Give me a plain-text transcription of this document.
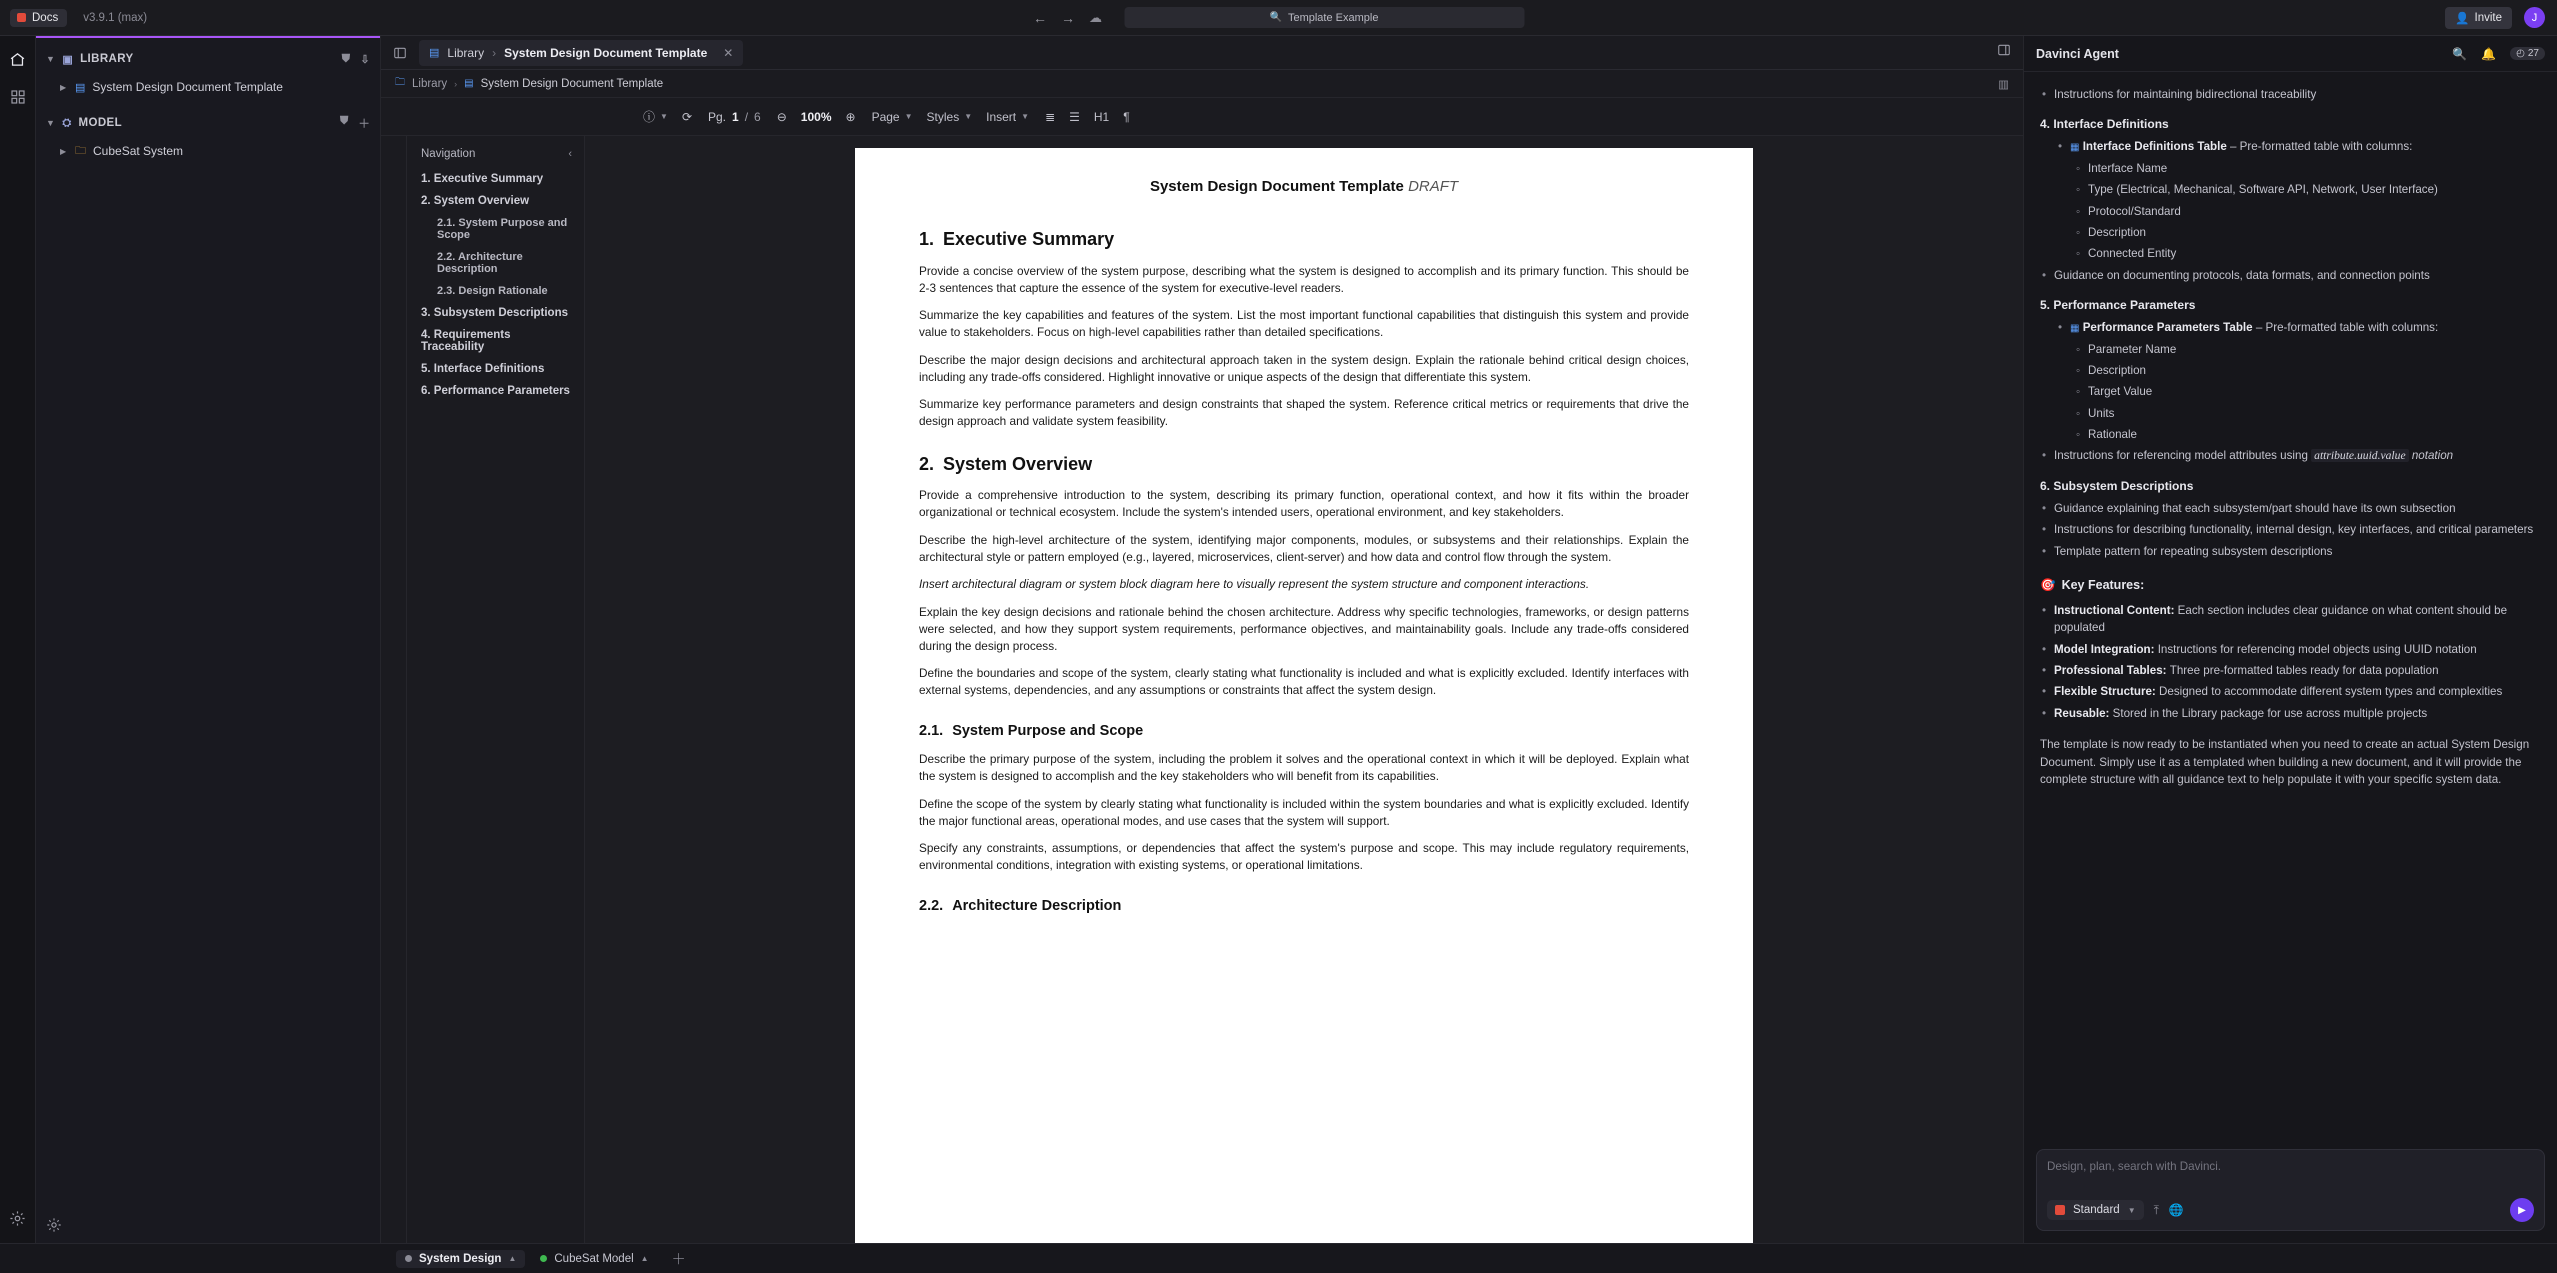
Docs v3.9.1 (max)	← → ☁	🔍 Template Example	👤 Invite	J
▼ ▣ LIBRARY	⛊ ⇩
▶ ▤ System Design Document Template
▼ ⛭ MODEL	⛊ ＋
▶ 🗀 CubeSat System
▤ Library › System Design Document Template ✕
🗀 Library › ▤ System Design Document Template	▥
ⓘ ▼ ⟳ Pg. 1 / 6 ⊖ 100% ⊕ Page ▼ Styles ▼ Insert ▼ ≣ ☰ H1 ¶
Navigation	‹
1. Executive Summary
2. System Overview
2.1. System Purpose and Scope
2.2. Architecture Description
2.3. Design Rationale
3. Subsystem Descriptions
4. Requirements Traceability
5. Interface Definitions
6. Performance Parameters
System Design Document Template DRAFT
1. Executive Summary

Provide a concise overview of the system purpose, describing what the system is designed to accomplish and its primary function. This should be 2-3 sentences that capture the essence of the system for executive-level readers.

Summarize the key capabilities and features of the system. List the most important functional capabilities that distinguish this system and provide value to stakeholders. Focus on high-level capabilities rather than detailed specifications.

Describe the major design decisions and architectural approach taken in the system design. Explain the rationale behind critical design choices, including any trade-offs considered. Highlight innovative or unique aspects of the design that differentiate this system.

Summarize key performance parameters and design constraints that shaped the system. Reference critical metrics or requirements that drive the design approach and validate system feasibility.

2. System Overview

Provide a comprehensive introduction to the system, describing its primary function, operational context, and how it fits within the broader organizational or technical ecosystem. Include the system's intended users, operational environment, and key stakeholders.

Describe the high-level architecture of the system, identifying major components, modules, or subsystems and their relationships. Explain the architectural style or pattern employed (e.g., layered, microservices, client-server) and how data and control flow through the system.

Insert architectural diagram or system block diagram here to visually represent the system structure and component interactions.

Explain the key design decisions and rationale behind the chosen architecture. Address why specific technologies, frameworks, or design patterns were selected, and how they support system requirements, performance objectives, and maintainability goals. Include any trade-offs considered during the design process.

Define the boundaries and scope of the system, clearly stating what functionality is included and what is explicitly excluded. Identify interfaces with external systems, dependencies, and any assumptions or constraints that affect the system design.

2.1. System Purpose and Scope

Describe the primary purpose of the system, including the problem it solves and the operational context in which it will be deployed. Explain what the system is designed to accomplish and the key stakeholders who will benefit from its capabilities.

Define the scope of the system by clearly stating what functionality is included within the system boundaries and what is explicitly excluded. Identify the major functional areas, operational modes, and use cases that the system will support.

Specify any constraints, assumptions, or dependencies that affect the system's purpose and scope. This may include regulatory requirements, environmental conditions, integration with existing systems, or operational limitations.

2.2. Architecture Description
Davinci Agent	🔍 🔔 ◴ 27
• Instructions for maintaining bidirectional traceability
4. Interface Definitions
• ▦ Interface Definitions Table – Pre-formatted table with columns:
◦ Interface Name
◦ Type (Electrical, Mechanical, Software API, Network, User Interface)
◦ Protocol/Standard
◦ Description
◦ Connected Entity
• Guidance on documenting protocols, data formats, and connection points
5. Performance Parameters
• ▦ Performance Parameters Table – Pre-formatted table with columns:
◦ Parameter Name
◦ Description
◦ Target Value
◦ Units
◦ Rationale
• Instructions for referencing model attributes using attribute.uuid.value notation
6. Subsystem Descriptions
• Guidance explaining that each subsystem/part should have its own subsection
• Instructions for describing functionality, internal design, key interfaces, and critical parameters
• Template pattern for repeating subsystem descriptions
🎯 Key Features:
• Instructional Content: Each section includes clear guidance on what content should be populated
• Model Integration: Instructions for referencing model objects using UUID notation
• Professional Tables: Three pre-formatted tables ready for data population
• Flexible Structure: Designed to accommodate different system types and complexities
• Reusable: Stored in the Library package for use across multiple projects
The template is now ready to be instantiated when you need to create an actual System Design Document. Simply use it as a templated when building a new document, and it will provide the complete structure with all guidance text to help populate it with your specific system data.
Design, plan, search with Davinci.
Standard ▼ ⤒ 🌐	▶
System Design ▲	CubeSat Model ▲	＋
